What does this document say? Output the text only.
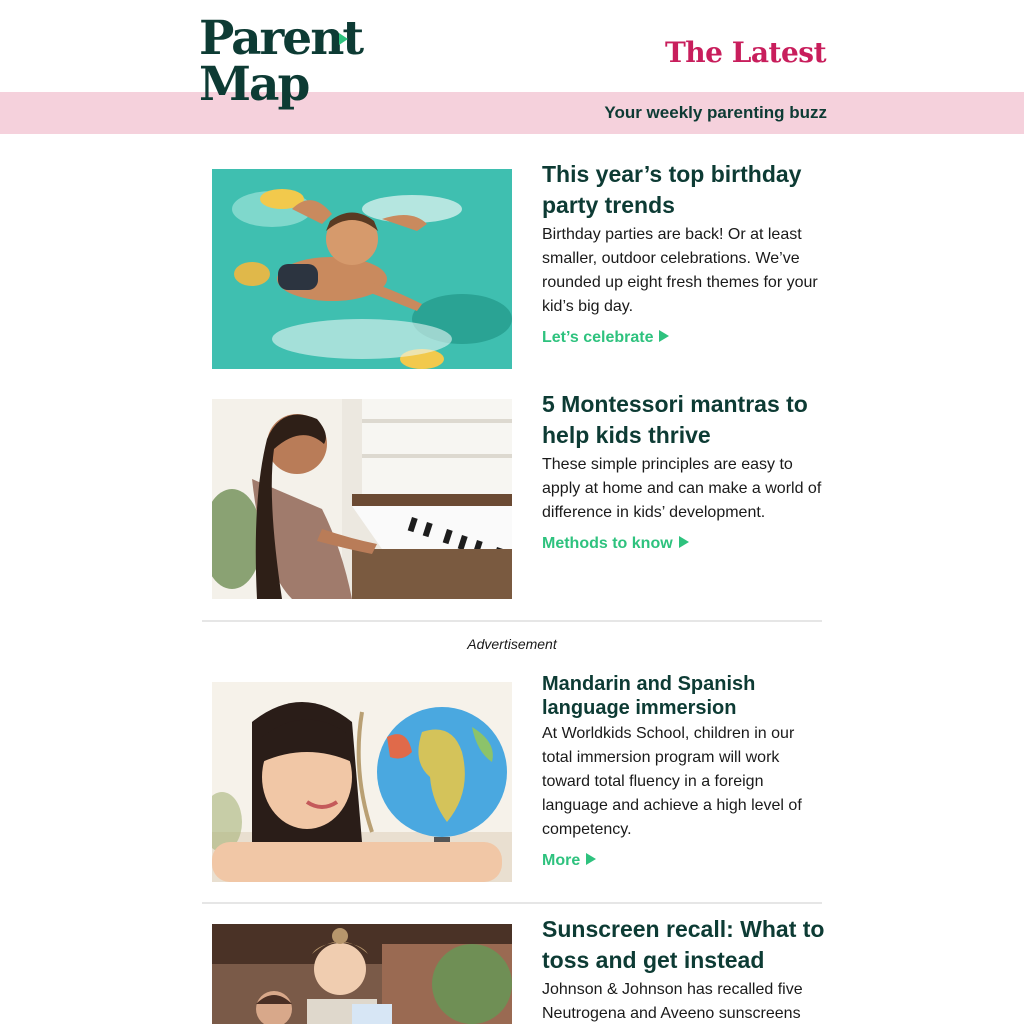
The Latest
Parent
Map
Your weekly parenting buzz
This year’s top birthday party trends
Birthday parties are back! Or at least smaller, outdoor celebrations. We’ve rounded up eight fresh themes for your kid’s big day.
Let’s celebrate
5 Montessori mantras to help kids thrive
These simple principles are easy to apply at home and can make a world of difference in kids’ development.
Methods to know
Advertisement
Mandarin and Spanish language immersion
At Worldkids School, children in our total immersion program will work toward total fluency in a foreign language and achieve a high level of competency.
More
Sunscreen recall: What to toss and get instead
Johnson & Johnson has recalled five Neutrogena and Aveeno sunscreens
